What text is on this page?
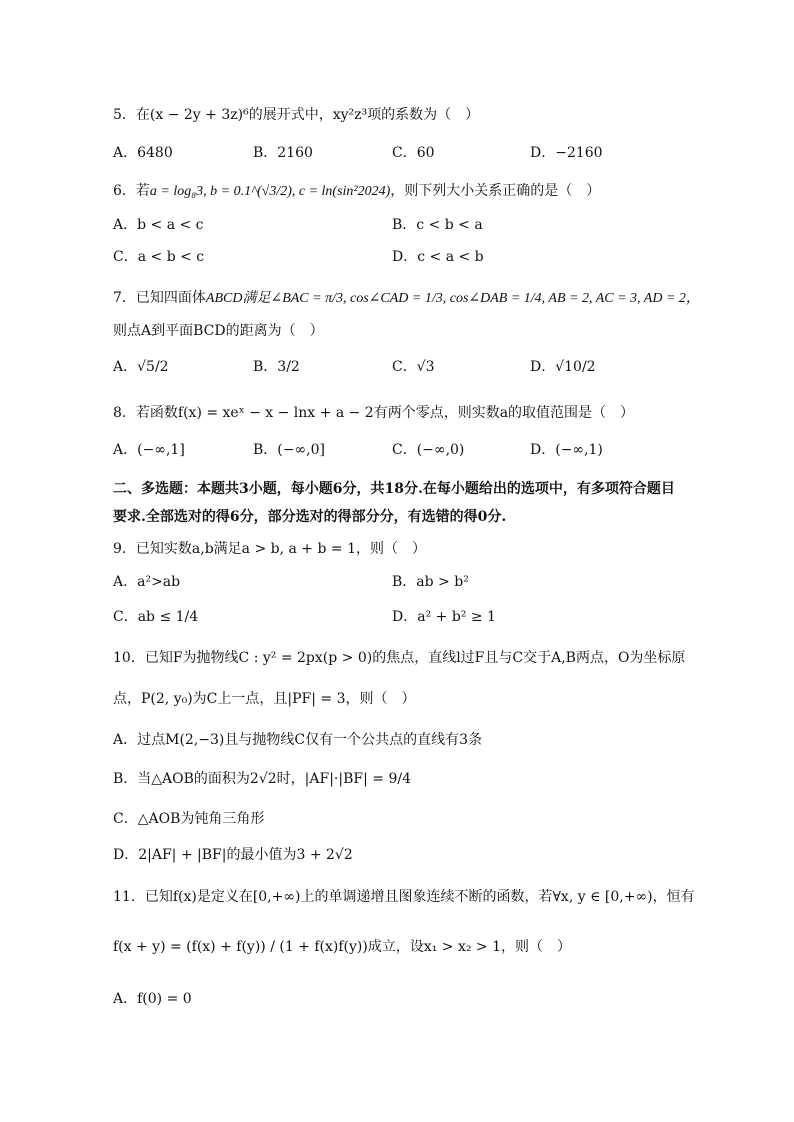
5．在(x − 2y + 3z)⁶的展开式中，xy²z³项的系数为（　）
A．6480	B．2160	C．60	D．−2160
6．若a = log₈3, b = 0.1^(√3/2), c = ln(sin²2024)，则下列大小关系正确的是（　）
A．b < a < c	B．c < b < a
C．a < b < c	D．c < a < b
7．已知四面体ABCD满足∠BAC = π/3, cos∠CAD = 1/3, cos∠DAB = 1/4, AB = 2, AC = 3, AD = 2，
则点A到平面BCD的距离为（　）
A．√5/2	B．3/2	C．√3	D．√10/2
8．若函数f(x) = xeˣ − x − lnx + a − 2有两个零点，则实数a的取值范围是（　）
A．(−∞,1]	B．(−∞,0]	C．(−∞,0)	D．(−∞,1)
二、多选题：本题共3小题，每小题6分，共18分.在每小题给出的选项中，有多项符合题目
要求.全部选对的得6分，部分选对的得部分分，有选错的得0分.
9．已知实数a,b满足a > b, a + b = 1，则（　）
A．a²>ab	B．ab > b²
C．ab ≤ 1/4	D．a² + b² ≥ 1
10．已知F为抛物线C : y² = 2px(p > 0)的焦点，直线l过F且与C交于A,B两点，O为坐标原
点，P(2, y₀)为C上一点，且|PF| = 3，则（　）
A．过点M(2,−3)且与抛物线C仅有一个公共点的直线有3条
B．当△AOB的面积为2√2时，|AF|·|BF| = 9/4
C．△AOB为钝角三角形
D．2|AF| + |BF|的最小值为3 + 2√2
11．已知f(x)是定义在[0,+∞)上的单调递增且图象连续不断的函数，若∀x, y ∈ [0,+∞)，恒有
f(x + y) = (f(x) + f(y)) / (1 + f(x)f(y))成立，设x₁ > x₂ > 1，则（　）
A．f(0) = 0
